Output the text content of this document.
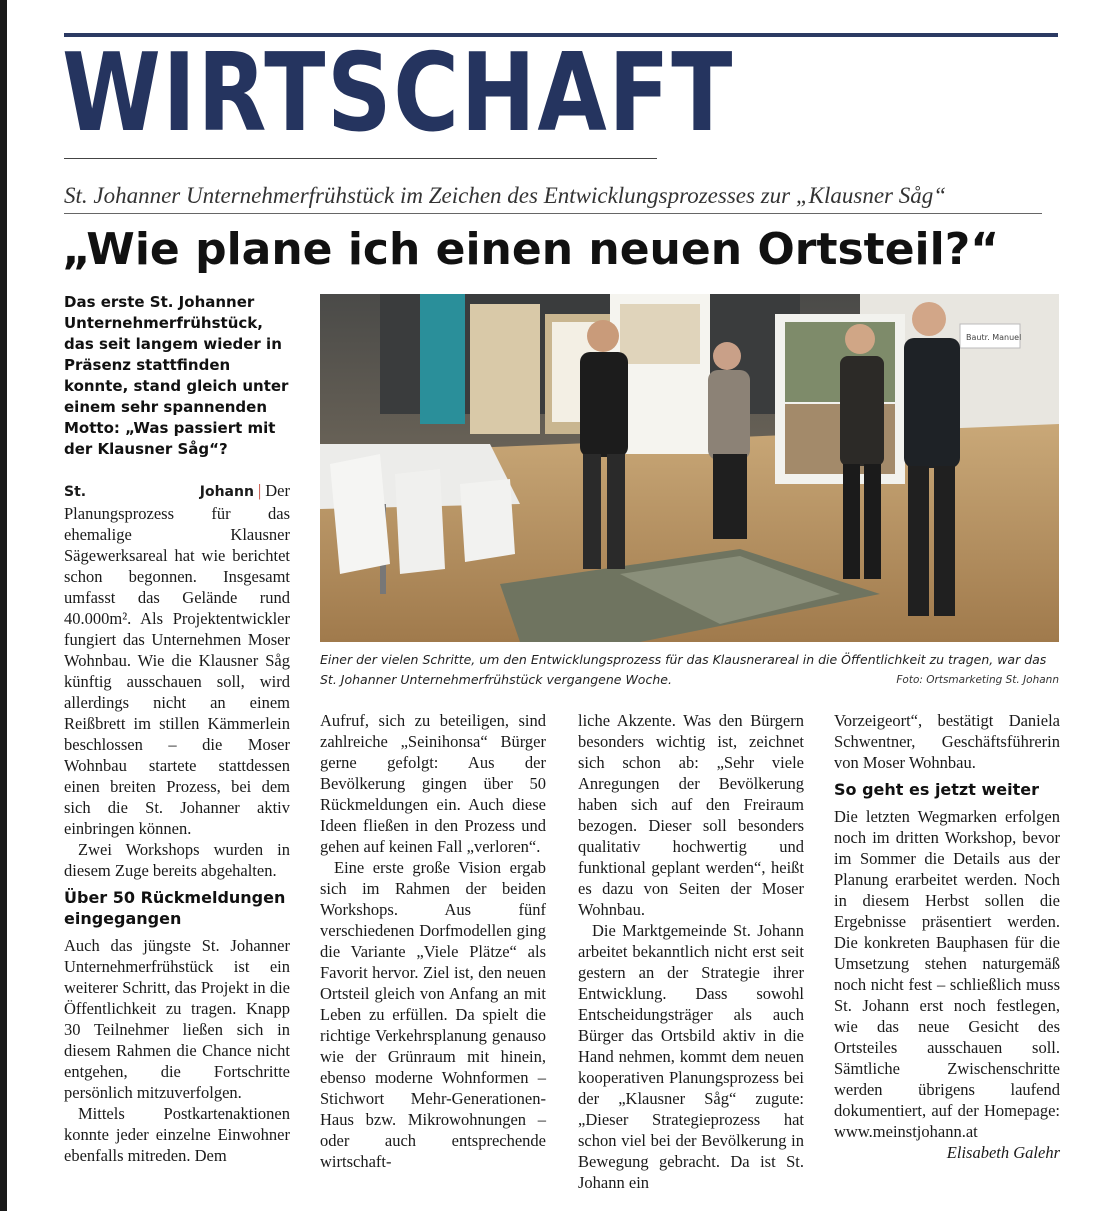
WIRTSCHAFT
St. Johanner Unternehmerfrühstück im Zeichen des Entwicklungsprozesses zur „Klausner Såg“
„Wie plane ich einen neuen Ortsteil?“

Das erste St. Johanner Unternehmerfrühstück, das seit langem wieder in Präsenz stattfinden konnte, stand gleich unter einem sehr spannenden Motto: „Was passiert mit der Klausner Såg“?

St. Johann | Der Planungsprozess für das ehemalige Klausner Sägewerksareal hat wie berichtet schon begonnen. Insgesamt umfasst das Gelände rund 40.000m². Als Projektentwickler fungiert das Unternehmen Moser Wohnbau. Wie die Klausner Såg künftig ausschauen soll, wird allerdings nicht an einem Reißbrett im stillen Kämmerlein beschlossen – die Moser Wohnbau startete stattdessen einen breiten Prozess, bei dem sich die St. Johanner aktiv einbringen können.

Zwei Workshops wurden in diesem Zuge bereits abgehalten.

Über 50 Rückmeldungen eingegangen

Auch das jüngste St. Johanner Unternehmerfrühstück ist ein weiterer Schritt, das Projekt in die Öffentlichkeit zu tragen. Knapp 30 Teilnehmer ließen sich in diesem Rahmen die Chance nicht entgehen, die Fortschritte persönlich mitzuverfolgen.

Mittels Postkartenaktionen konnte jeder einzelne Einwohner ebenfalls mitreden. Dem

Aufruf, sich zu beteiligen, sind zahlreiche „Seinihonsa“ Bürger gerne gefolgt: Aus der Bevölkerung gingen über 50 Rückmeldungen ein. Auch diese Ideen fließen in den Prozess und gehen auf keinen Fall „verloren“.

Eine erste große Vision ergab sich im Rahmen der beiden Workshops. Aus fünf verschiedenen Dorfmodellen ging die Variante „Viele Plätze“ als Favorit hervor. Ziel ist, den neuen Ortsteil gleich von Anfang an mit Leben zu erfüllen. Da spielt die richtige Verkehrsplanung genauso wie der Grünraum mit hinein, ebenso moderne Wohnformen – Stichwort Mehr-Generationen-Haus bzw. Mikrowohnungen – oder auch entsprechende wirtschaft-

liche Akzente. Was den Bürgern besonders wichtig ist, zeichnet sich schon ab: „Sehr viele Anregungen der Bevölkerung haben sich auf den Freiraum bezogen. Dieser soll besonders qualitativ hochwertig und funktional geplant werden“, heißt es dazu von Seiten der Moser Wohnbau.

Die Marktgemeinde St. Johann arbeitet bekanntlich nicht erst seit gestern an der Strategie ihrer Entwicklung. Dass sowohl Entscheidungsträger als auch Bürger das Ortsbild aktiv in die Hand nehmen, kommt dem neuen kooperativen Planungsprozess bei der „Klausner Såg“ zugute: „Dieser Strategieprozess hat schon viel bei der Bevölkerung in Bewegung gebracht. Da ist St. Johann ein

Vorzeigeort“, bestätigt Daniela Schwentner, Geschäftsführerin von Moser Wohnbau.

So geht es jetzt weiter

Die letzten Wegmarken erfolgen noch im dritten Workshop, bevor im Sommer die Details aus der Planung erarbeitet werden. Noch in diesem Herbst sollen die Ergebnisse präsentiert werden. Die konkreten Bauphasen für die Umsetzung stehen naturgemäß noch nicht fest – schließlich muss St. Johann erst noch festlegen, wie das neue Gesicht des Ortsteiles ausschauen soll. Sämtliche Zwischenschritte werden übrigens laufend dokumentiert, auf der Homepage: www.meinstjohann.at
Elisabeth Galehr

Bautr. Manuel
Einer der vielen Schritte, um den Entwicklungsprozess für das Klausnerareal in die Öffentlichkeit zu tragen, war das St. Johanner Unternehmerfrühstück vergangene Woche.	Foto: Ortsmarketing St. Johann
